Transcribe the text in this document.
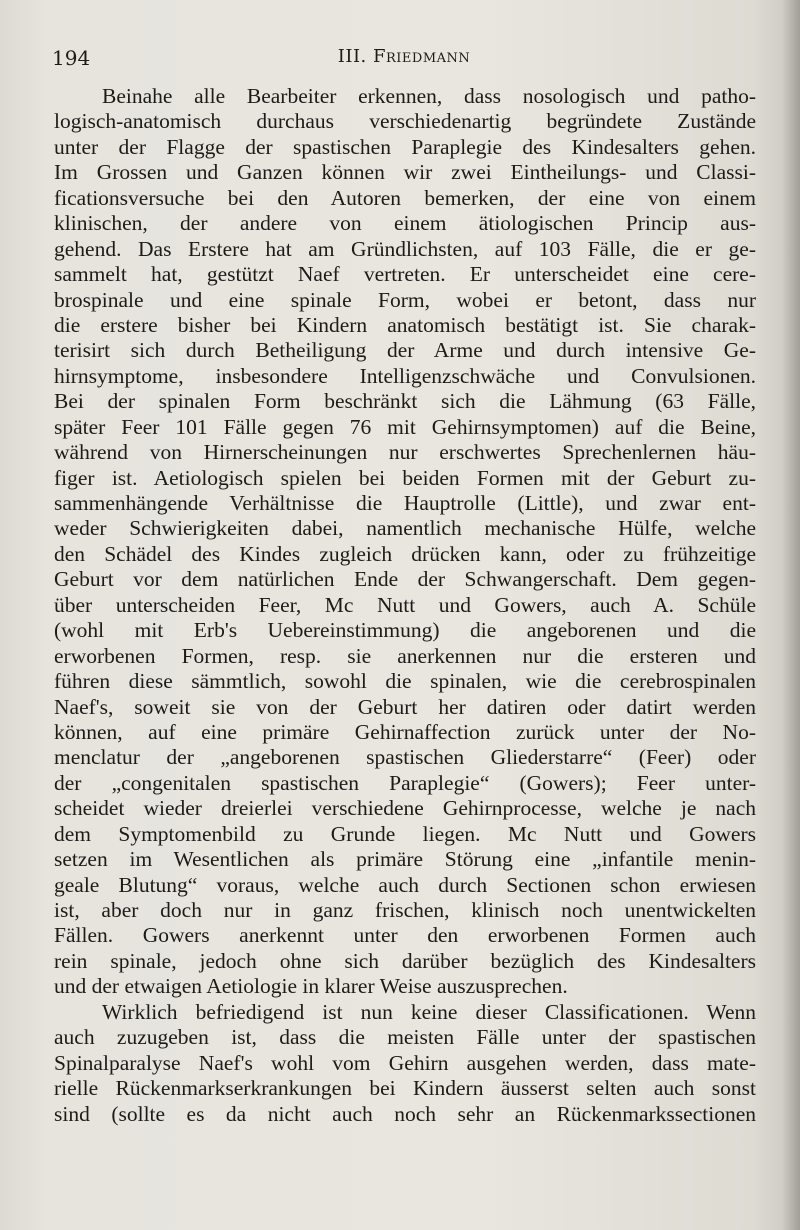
194	III. Friedmann
Beinahe alle Bearbeiter erkennen, dass nosologisch und patho-
logisch-anatomisch durchaus verschiedenartig begründete Zustände
unter der Flagge der spastischen Paraplegie des Kindesalters gehen.
Im Grossen und Ganzen können wir zwei Eintheilungs- und Classi-
ficationsversuche bei den Autoren bemerken, der eine von einem
klinischen, der andere von einem ätiologischen Princip aus-
gehend. Das Erstere hat am Gründlichsten, auf 103 Fälle, die er ge-
sammelt hat, gestützt Naef vertreten. Er unterscheidet eine cere-
brospinale und eine spinale Form, wobei er betont, dass nur
die erstere bisher bei Kindern anatomisch bestätigt ist. Sie charak-
terisirt sich durch Betheiligung der Arme und durch intensive Ge-
hirnsymptome, insbesondere Intelligenzschwäche und Convulsionen.
Bei der spinalen Form beschränkt sich die Lähmung (63 Fälle,
später Feer 101 Fälle gegen 76 mit Gehirnsymptomen) auf die Beine,
während von Hirnerscheinungen nur erschwertes Sprechenlernen häu-
figer ist. Aetiologisch spielen bei beiden Formen mit der Geburt zu-
sammenhängende Verhältnisse die Hauptrolle (Little), und zwar ent-
weder Schwierigkeiten dabei, namentlich mechanische Hülfe, welche
den Schädel des Kindes zugleich drücken kann, oder zu frühzeitige
Geburt vor dem natürlichen Ende der Schwangerschaft. Dem gegen-
über unterscheiden Feer, Mc Nutt und Gowers, auch A. Schüle
(wohl mit Erb's Uebereinstimmung) die angeborenen und die
erworbenen Formen, resp. sie anerkennen nur die ersteren und
führen diese sämmtlich, sowohl die spinalen, wie die cerebrospinalen
Naef's, soweit sie von der Geburt her datiren oder datirt werden
können, auf eine primäre Gehirnaffection zurück unter der No-
menclatur der „angeborenen spastischen Gliederstarre“ (Feer) oder
der „congenitalen spastischen Paraplegie“ (Gowers); Feer unter-
scheidet wieder dreierlei verschiedene Gehirnprocesse, welche je nach
dem Symptomenbild zu Grunde liegen. Mc Nutt und Gowers
setzen im Wesentlichen als primäre Störung eine „infantile menin-
geale Blutung“ voraus, welche auch durch Sectionen schon erwiesen
ist, aber doch nur in ganz frischen, klinisch noch unentwickelten
Fällen. Gowers anerkennt unter den erworbenen Formen auch
rein spinale, jedoch ohne sich darüber bezüglich des Kindesalters
und der etwaigen Aetiologie in klarer Weise auszusprechen.
Wirklich befriedigend ist nun keine dieser Classificationen. Wenn
auch zuzugeben ist, dass die meisten Fälle unter der spastischen
Spinalparalyse Naef's wohl vom Gehirn ausgehen werden, dass mate-
rielle Rückenmarkserkrankungen bei Kindern äusserst selten auch sonst
sind (sollte es da nicht auch noch sehr an Rückenmarkssectionen
